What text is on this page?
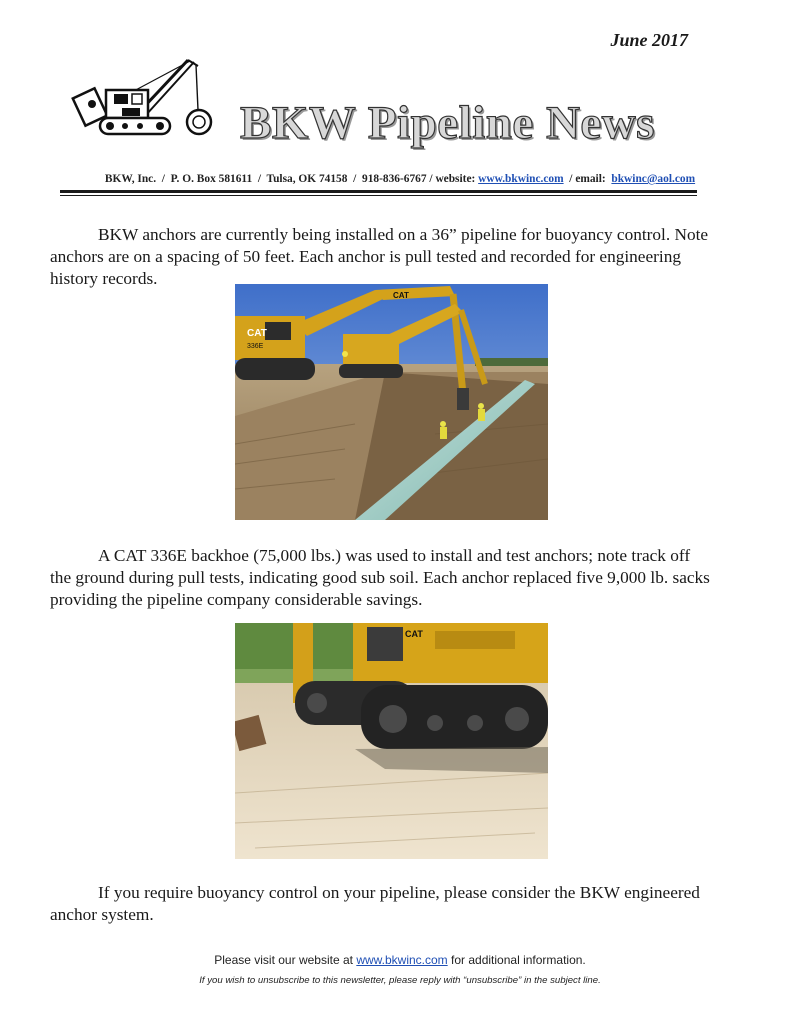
June 2017
BKW Pipeline News
BKW, Inc.  /  P. O. Box 581611  /  Tulsa, OK 74158  /  918-836-6767 / website: www.bkwinc.com  / email: bkwinc@aol.com
BKW anchors are currently being installed on a 36” pipeline for buoyancy control. Note anchors are on a spacing of 50 feet. Each anchor is pull tested and recorded for engineering history records.
CAT
CAT
336E
A CAT 336E backhoe (75,000 lbs.) was used to install and test anchors; note track off the ground during pull tests, indicating good sub soil. Each anchor replaced five 9,000 lb. sacks providing the pipeline company considerable savings.
CAT
If you require buoyancy control on your pipeline, please consider the BKW engineered anchor system.
Please visit our website at www.bkwinc.com for additional information.
If you wish to unsubscribe to this newsletter, please reply with “unsubscribe” in the subject line.
